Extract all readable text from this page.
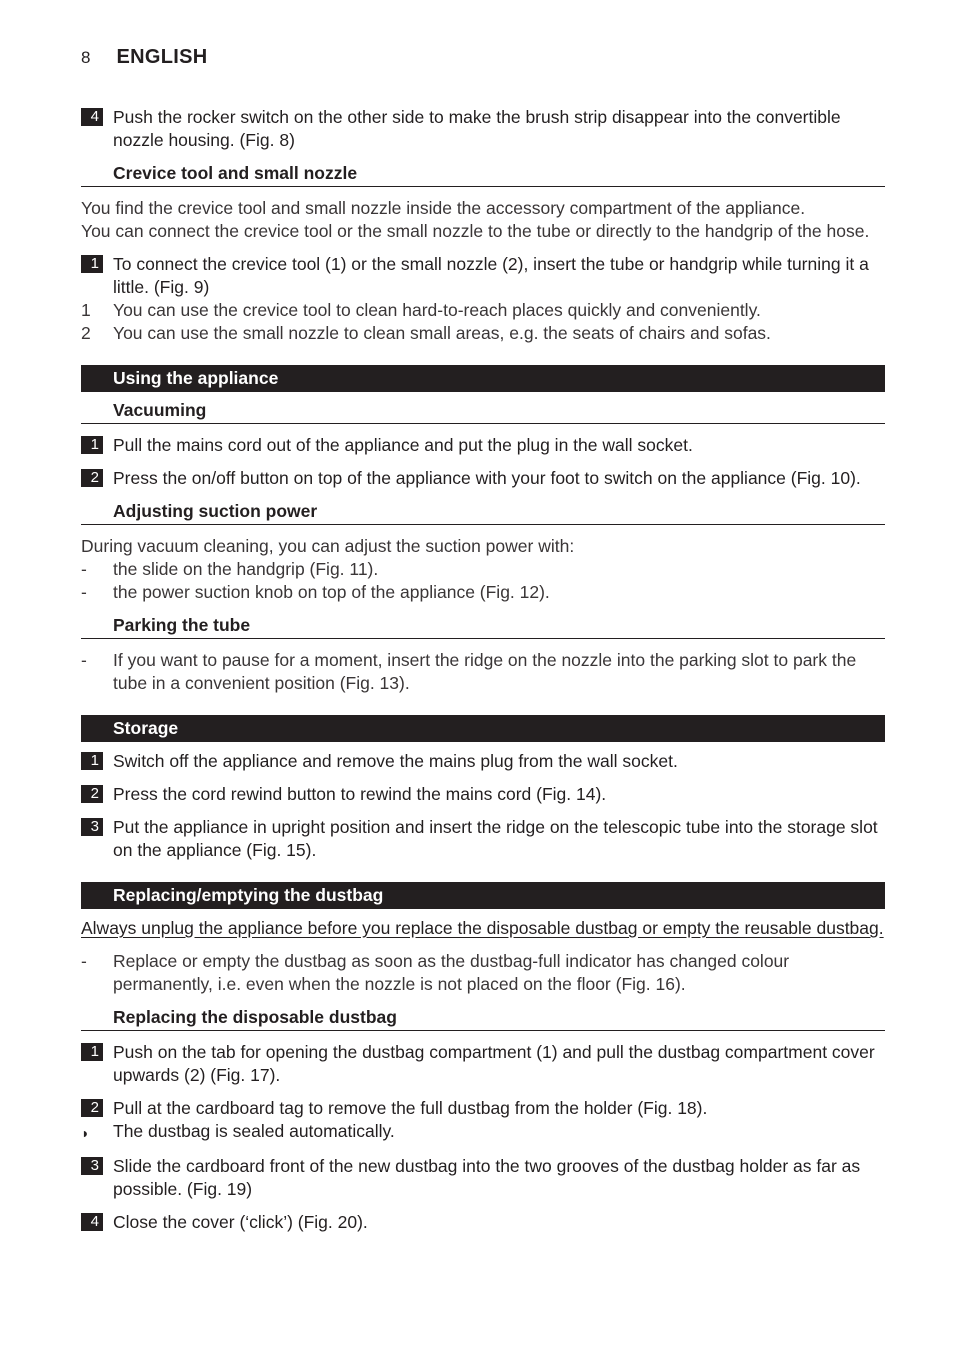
8 ENGLISH
4 Push the rocker switch on the other side to make the brush strip disappear into the convertible nozzle housing. (Fig. 8)
Crevice tool and small nozzle
You find the crevice tool and small nozzle inside the accessory compartment of the appliance.
You can connect the crevice tool or the small nozzle to the tube or directly to the handgrip of the hose.
1 To connect the crevice tool (1) or the small nozzle (2), insert the tube or handgrip while turning it a little. (Fig. 9)
1	You can use the crevice tool to clean hard-to-reach places quickly and conveniently.
2	You can use the small nozzle to clean small areas, e.g. the seats of chairs and sofas.
Using the appliance
Vacuuming
1 Pull the mains cord out of the appliance and put the plug in the wall socket.
2 Press the on/off button on top of the appliance with your foot to switch on the appliance (Fig. 10).
Adjusting suction power
During vacuum cleaning, you can adjust the suction power with:
-	the slide on the handgrip (Fig. 11).
-	the power suction knob on top of the appliance (Fig. 12).
Parking the tube
-	If you want to pause for a moment, insert the ridge on the nozzle into the parking slot to park the tube in a convenient position (Fig. 13).
Storage
1 Switch off the appliance and remove the mains plug from the wall socket.
2 Press the cord rewind button to rewind the mains cord (Fig. 14).
3 Put the appliance in upright position and insert the ridge on the telescopic tube into the storage slot on the appliance (Fig. 15).
Replacing/emptying the dustbag
Always unplug the appliance before you replace the disposable dustbag or empty the reusable dustbag.
-	Replace or empty the dustbag as soon as the dustbag-full indicator has changed colour permanently, i.e. even when the nozzle is not placed on the floor (Fig. 16).
Replacing the disposable dustbag
1 Push on the tab for opening the dustbag compartment (1) and pull the dustbag compartment cover upwards (2) (Fig. 17).
2 Pull at the cardboard tag to remove the full dustbag from the holder (Fig. 18).
◗	The dustbag is sealed automatically.
3 Slide the cardboard front of the new dustbag into the two grooves of the dustbag holder as far as possible. (Fig. 19)
4 Close the cover (‘click’) (Fig. 20).
